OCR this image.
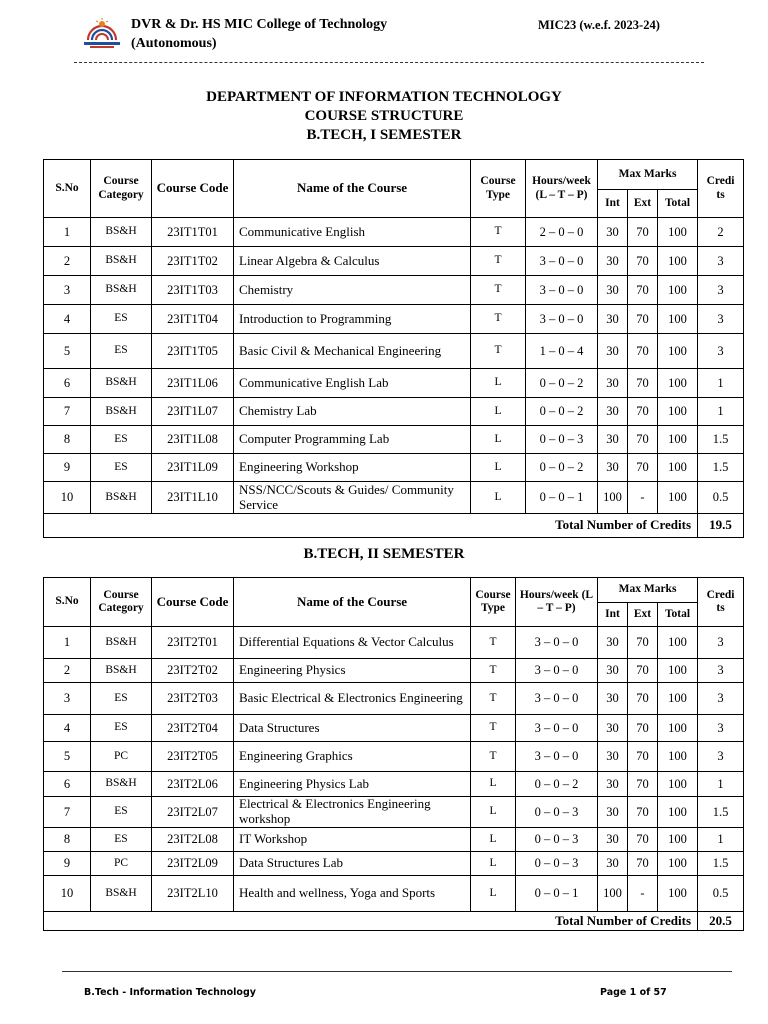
DVR & Dr. HS MIC College of Technology
(Autonomous)
MIC23 (w.e.f. 2023-24)
DEPARTMENT OF INFORMATION TECHNOLOGY
COURSE STRUCTURE
B.TECH, I SEMESTER
S.No	Course Category	Course Code	Name of the Course	Course Type	Hours/week (L – T – P)	Max Marks			Credi ts
						Int	Ext	Total	
1	BS&H	23IT1T01	Communicative English	T	2 – 0 – 0	30	70	100	2
2	BS&H	23IT1T02	Linear Algebra & Calculus	T	3 – 0 – 0	30	70	100	3
3	BS&H	23IT1T03	Chemistry	T	3 – 0 – 0	30	70	100	3
4	ES	23IT1T04	Introduction to Programming	T	3 – 0 – 0	30	70	100	3
5	ES	23IT1T05	Basic Civil & Mechanical Engineering	T	1 – 0 – 4	30	70	100	3
6	BS&H	23IT1L06	Communicative English Lab	L	0 – 0 – 2	30	70	100	1
7	BS&H	23IT1L07	Chemistry Lab	L	0 – 0 – 2	30	70	100	1
8	ES	23IT1L08	Computer Programming Lab	L	0 – 0 – 3	30	70	100	1.5
9	ES	23IT1L09	Engineering Workshop	L	0 – 0 – 2	30	70	100	1.5
10	BS&H	23IT1L10	NSS/NCC/Scouts & Guides/ Community Service	L	0 – 0 – 1	100	-	100	0.5
Total Number of Credits									19.5
B.TECH, II SEMESTER
S.No	Course Category	Course Code	Name of the Course	Course Type	Hours/week (L – T – P)	Max Marks			Credi ts
						Int	Ext	Total	
1	BS&H	23IT2T01	Differential Equations & Vector Calculus	T	3 – 0 – 0	30	70	100	3
2	BS&H	23IT2T02	Engineering Physics	T	3 – 0 – 0	30	70	100	3
3	ES	23IT2T03	Basic Electrical & Electronics Engineering	T	3 – 0 – 0	30	70	100	3
4	ES	23IT2T04	Data Structures	T	3 – 0 – 0	30	70	100	3
5	PC	23IT2T05	Engineering Graphics	T	3 – 0 – 0	30	70	100	3
6	BS&H	23IT2L06	Engineering Physics Lab	L	0 – 0 – 2	30	70	100	1
7	ES	23IT2L07	Electrical & Electronics Engineering workshop	L	0 – 0 – 3	30	70	100	1.5
8	ES	23IT2L08	IT Workshop	L	0 – 0 – 3	30	70	100	1
9	PC	23IT2L09	Data Structures Lab	L	0 – 0 – 3	30	70	100	1.5
10	BS&H	23IT2L10	Health and wellness, Yoga and Sports	L	0 – 0 – 1	100	-	100	0.5
Total Number of Credits									20.5
B.Tech - Information Technology	Page 1 of 57
